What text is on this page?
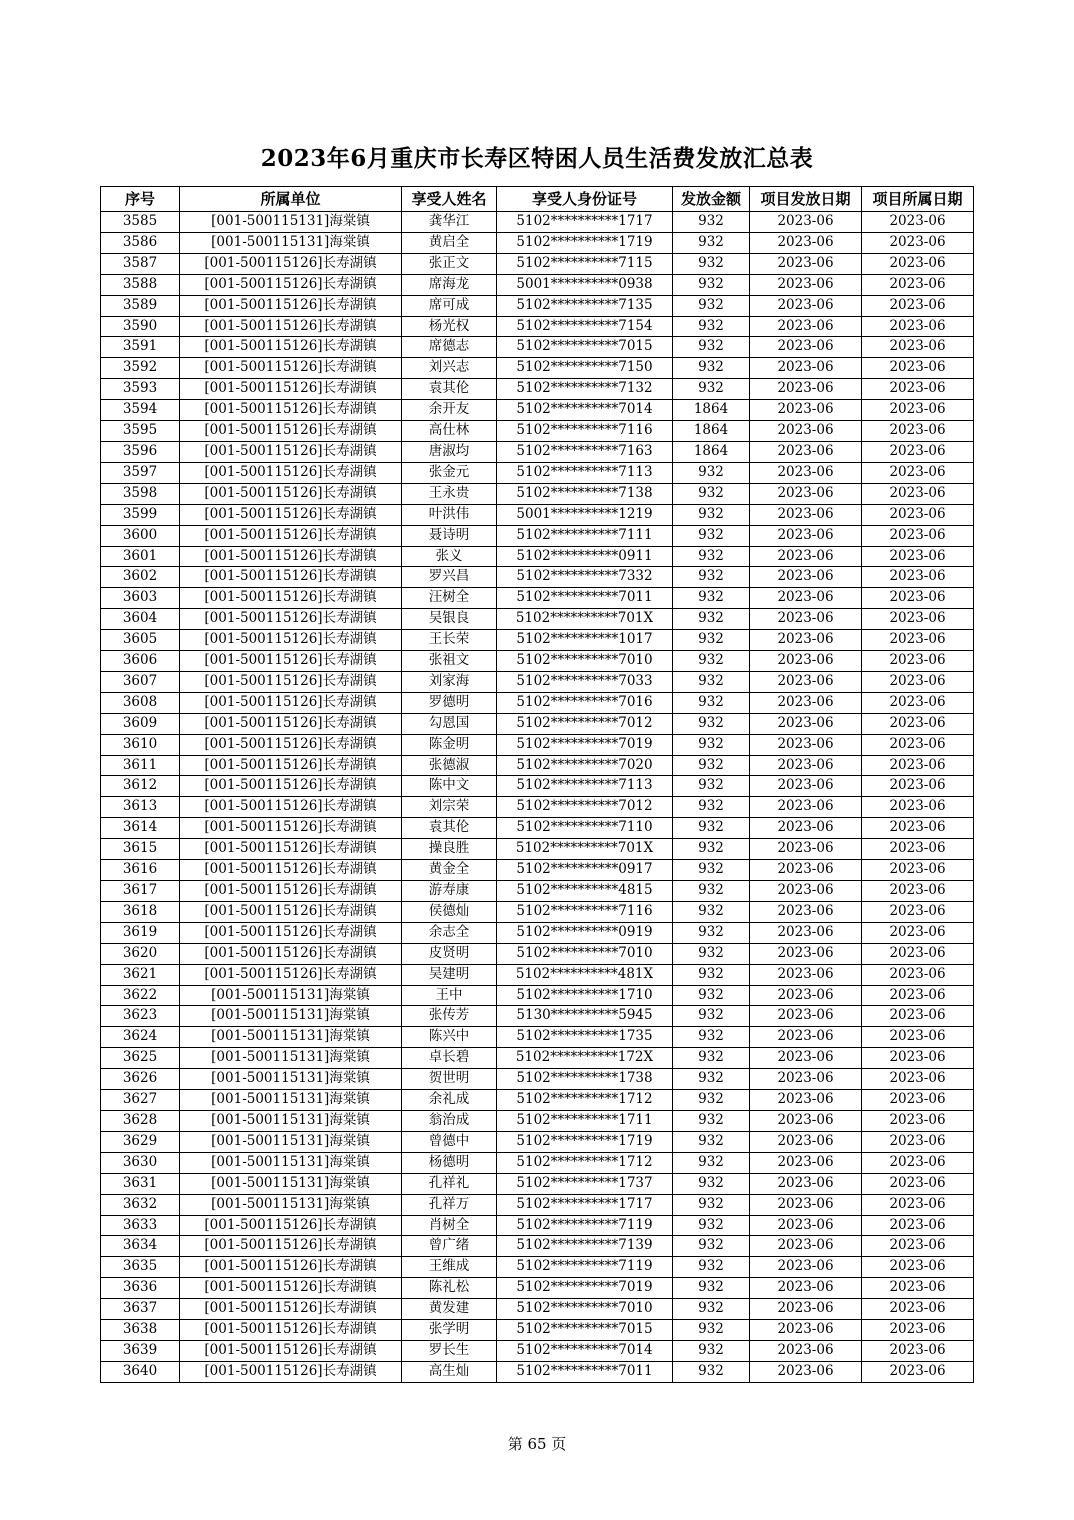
2023年6月重庆市长寿区特困人员生活费发放汇总表
序号	所属单位	享受人姓名	享受人身份证号	发放金额	项目发放日期	项目所属日期
3585	[001-500115131]海棠镇	龚华江	5102**********1717	932	2023-06	2023-06
3586	[001-500115131]海棠镇	黄启全	5102**********1719	932	2023-06	2023-06
3587	[001-500115126]长寿湖镇	张正文	5102**********7115	932	2023-06	2023-06
3588	[001-500115126]长寿湖镇	席海龙	5001**********0938	932	2023-06	2023-06
3589	[001-500115126]长寿湖镇	席可成	5102**********7135	932	2023-06	2023-06
3590	[001-500115126]长寿湖镇	杨光权	5102**********7154	932	2023-06	2023-06
3591	[001-500115126]长寿湖镇	席德志	5102**********7015	932	2023-06	2023-06
3592	[001-500115126]长寿湖镇	刘兴志	5102**********7150	932	2023-06	2023-06
3593	[001-500115126]长寿湖镇	袁其伦	5102**********7132	932	2023-06	2023-06
3594	[001-500115126]长寿湖镇	余开友	5102**********7014	1864	2023-06	2023-06
3595	[001-500115126]长寿湖镇	高仕林	5102**********7116	1864	2023-06	2023-06
3596	[001-500115126]长寿湖镇	唐淑均	5102**********7163	1864	2023-06	2023-06
3597	[001-500115126]长寿湖镇	张金元	5102**********7113	932	2023-06	2023-06
3598	[001-500115126]长寿湖镇	王永贵	5102**********7138	932	2023-06	2023-06
3599	[001-500115126]长寿湖镇	叶洪伟	5001**********1219	932	2023-06	2023-06
3600	[001-500115126]长寿湖镇	聂诗明	5102**********7111	932	2023-06	2023-06
3601	[001-500115126]长寿湖镇	张义	5102**********0911	932	2023-06	2023-06
3602	[001-500115126]长寿湖镇	罗兴昌	5102**********7332	932	2023-06	2023-06
3603	[001-500115126]长寿湖镇	汪树全	5102**********7011	932	2023-06	2023-06
3604	[001-500115126]长寿湖镇	吴银良	5102**********701X	932	2023-06	2023-06
3605	[001-500115126]长寿湖镇	王长荣	5102**********1017	932	2023-06	2023-06
3606	[001-500115126]长寿湖镇	张祖文	5102**********7010	932	2023-06	2023-06
3607	[001-500115126]长寿湖镇	刘家海	5102**********7033	932	2023-06	2023-06
3608	[001-500115126]长寿湖镇	罗德明	5102**********7016	932	2023-06	2023-06
3609	[001-500115126]长寿湖镇	勾恩国	5102**********7012	932	2023-06	2023-06
3610	[001-500115126]长寿湖镇	陈金明	5102**********7019	932	2023-06	2023-06
3611	[001-500115126]长寿湖镇	张德淑	5102**********7020	932	2023-06	2023-06
3612	[001-500115126]长寿湖镇	陈中文	5102**********7113	932	2023-06	2023-06
3613	[001-500115126]长寿湖镇	刘宗荣	5102**********7012	932	2023-06	2023-06
3614	[001-500115126]长寿湖镇	袁其伦	5102**********7110	932	2023-06	2023-06
3615	[001-500115126]长寿湖镇	操良胜	5102**********701X	932	2023-06	2023-06
3616	[001-500115126]长寿湖镇	黄金全	5102**********0917	932	2023-06	2023-06
3617	[001-500115126]长寿湖镇	游寿康	5102**********4815	932	2023-06	2023-06
3618	[001-500115126]长寿湖镇	侯德灿	5102**********7116	932	2023-06	2023-06
3619	[001-500115126]长寿湖镇	余志全	5102**********0919	932	2023-06	2023-06
3620	[001-500115126]长寿湖镇	皮贤明	5102**********7010	932	2023-06	2023-06
3621	[001-500115126]长寿湖镇	吴建明	5102**********481X	932	2023-06	2023-06
3622	[001-500115131]海棠镇	王中	5102**********1710	932	2023-06	2023-06
3623	[001-500115131]海棠镇	张传芳	5130**********5945	932	2023-06	2023-06
3624	[001-500115131]海棠镇	陈兴中	5102**********1735	932	2023-06	2023-06
3625	[001-500115131]海棠镇	卓长碧	5102**********172X	932	2023-06	2023-06
3626	[001-500115131]海棠镇	贺世明	5102**********1738	932	2023-06	2023-06
3627	[001-500115131]海棠镇	余礼成	5102**********1712	932	2023-06	2023-06
3628	[001-500115131]海棠镇	翁治成	5102**********1711	932	2023-06	2023-06
3629	[001-500115131]海棠镇	曾德中	5102**********1719	932	2023-06	2023-06
3630	[001-500115131]海棠镇	杨德明	5102**********1712	932	2023-06	2023-06
3631	[001-500115131]海棠镇	孔祥礼	5102**********1737	932	2023-06	2023-06
3632	[001-500115131]海棠镇	孔祥万	5102**********1717	932	2023-06	2023-06
3633	[001-500115126]长寿湖镇	肖树全	5102**********7119	932	2023-06	2023-06
3634	[001-500115126]长寿湖镇	曾广绪	5102**********7139	932	2023-06	2023-06
3635	[001-500115126]长寿湖镇	王维成	5102**********7119	932	2023-06	2023-06
3636	[001-500115126]长寿湖镇	陈礼松	5102**********7019	932	2023-06	2023-06
3637	[001-500115126]长寿湖镇	黄发建	5102**********7010	932	2023-06	2023-06
3638	[001-500115126]长寿湖镇	张学明	5102**********7015	932	2023-06	2023-06
3639	[001-500115126]长寿湖镇	罗长生	5102**********7014	932	2023-06	2023-06
3640	[001-500115126]长寿湖镇	高生灿	5102**********7011	932	2023-06	2023-06
第 65 页
